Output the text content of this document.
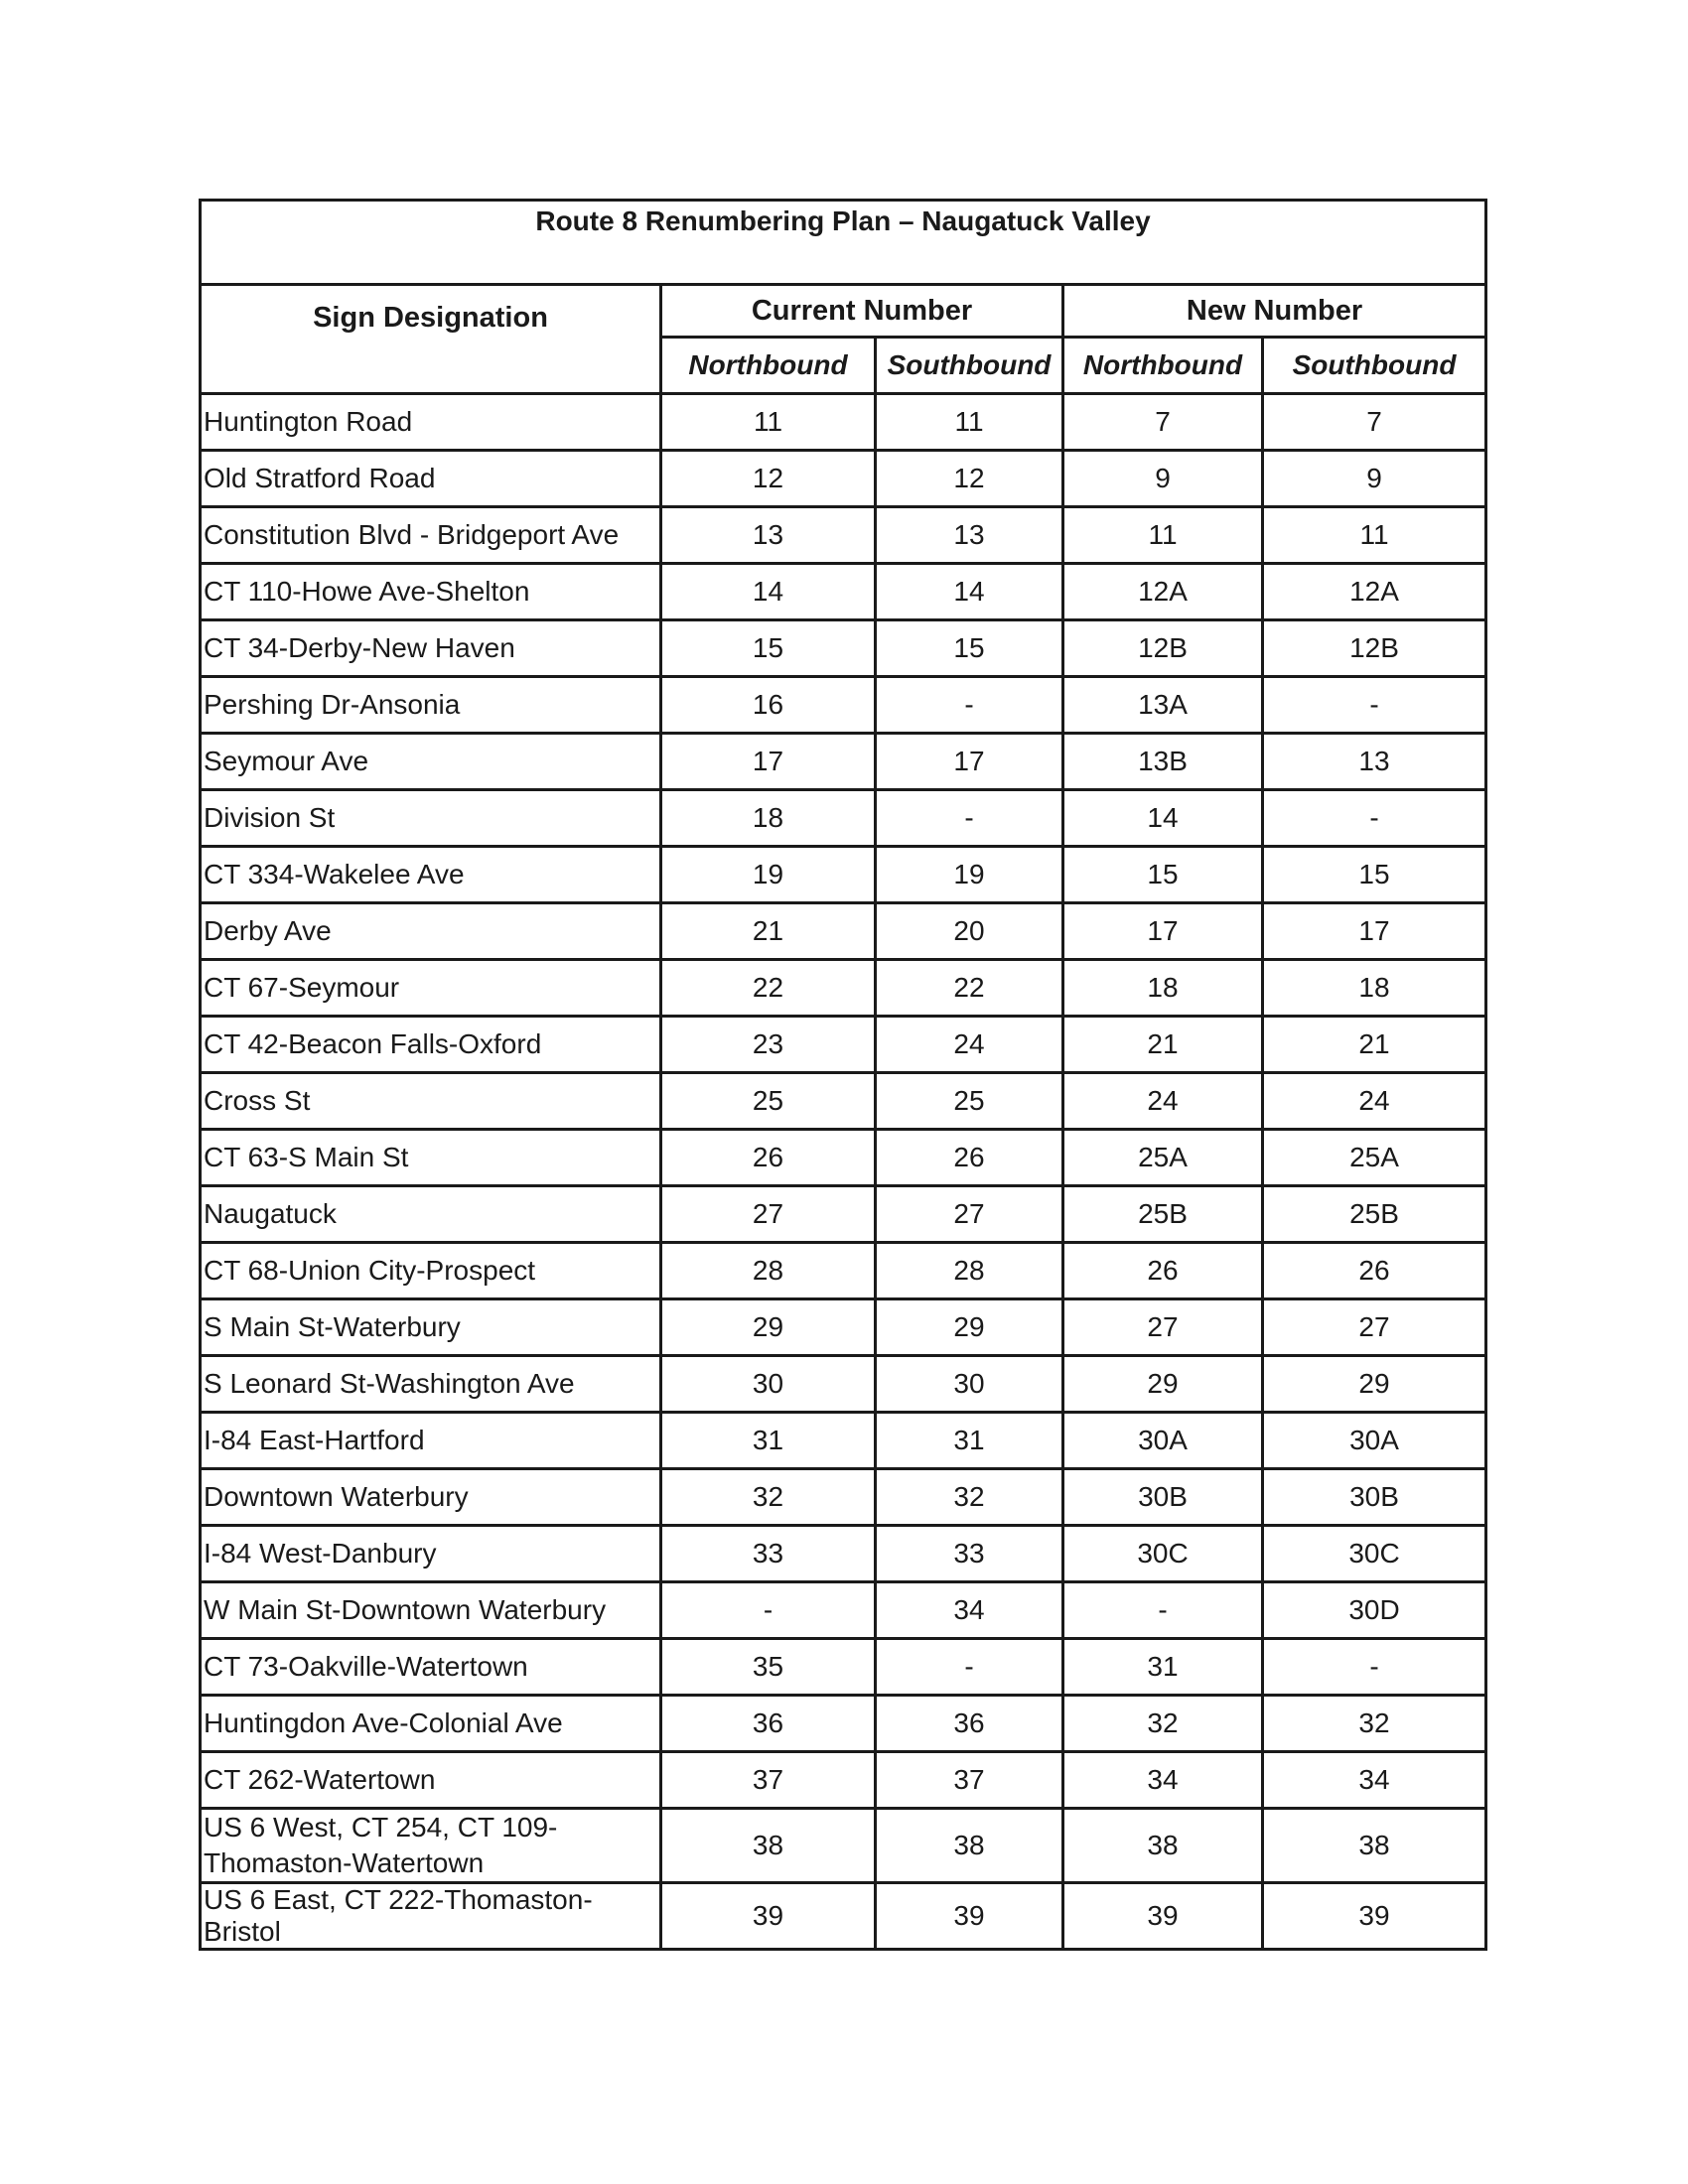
Route 8 Renumbering Plan – Naugatuck Valley				
Sign Designation	Current Number		New Number	
	Northbound	Southbound	Northbound	Southbound
Huntington Road	11	11	7	7
Old Stratford Road	12	12	9	9
Constitution Blvd - Bridgeport Ave	13	13	11	11
CT 110-Howe Ave-Shelton	14	14	12A	12A
CT 34-Derby-New Haven	15	15	12B	12B
Pershing Dr-Ansonia	16	-	13A	-
Seymour Ave	17	17	13B	13
Division St	18	-	14	-
CT 334-Wakelee Ave	19	19	15	15
Derby Ave	21	20	17	17
CT 67-Seymour	22	22	18	18
CT 42-Beacon Falls-Oxford	23	24	21	21
Cross St	25	25	24	24
CT 63-S Main St	26	26	25A	25A
Naugatuck	27	27	25B	25B
CT 68-Union City-Prospect	28	28	26	26
S Main St-Waterbury	29	29	27	27
S Leonard St-Washington Ave	30	30	29	29
I-84 East-Hartford	31	31	30A	30A
Downtown Waterbury	32	32	30B	30B
I-84 West-Danbury	33	33	30C	30C
W Main St-Downtown Waterbury	-	34	-	30D
CT 73-Oakville-Watertown	35	-	31	-
Huntingdon Ave-Colonial Ave	36	36	32	32
CT 262-Watertown	37	37	34	34

US 6 West, CT 254, CT 109-
Thomaston-Watertown	38	38	38	38
US 6 East, CT 222-Thomaston-Bristol	39	39	39	39
